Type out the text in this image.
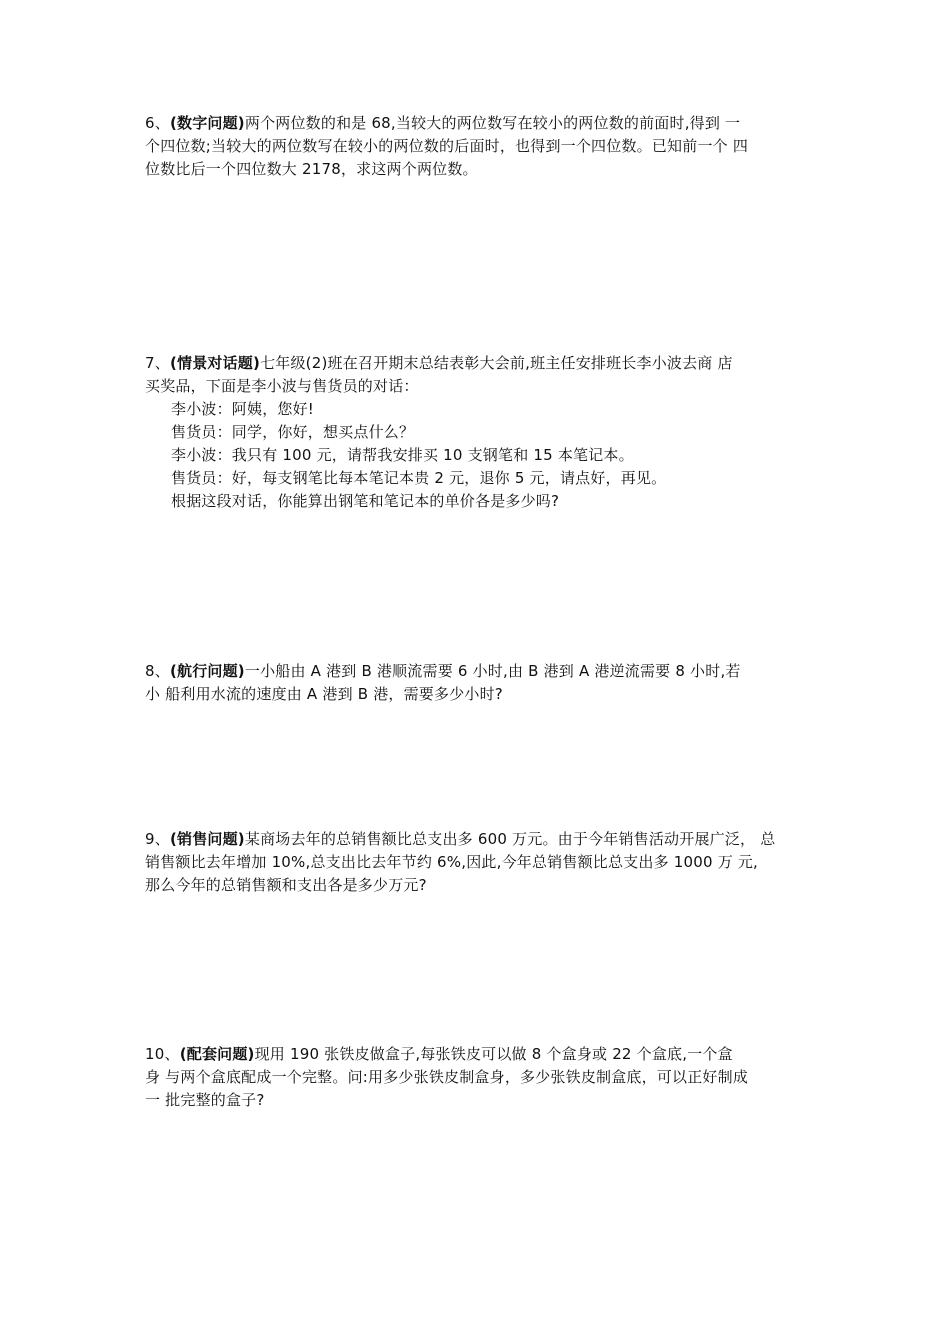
6、(数字问题)两个两位数的和是 68,当较大的两位数写在较小的两位数的前面时,得到 一

个四位数;当较大的两位数写在较小的两位数的后面时，也得到一个四位数。已知前一个 四

位数比后一个四位数大 2178，求这两个两位数。

7、(情景对话题)七年级(2)班在召开期末总结表彰大会前,班主任安排班长李小波去商 店

买奖品，下面是李小波与售货员的对话：

李小波：阿姨，您好!

售货员：同学，你好，想买点什么？

李小波：我只有 100 元，请帮我安排买 10 支钢笔和 15 本笔记本。

售货员：好，每支钢笔比每本笔记本贵 2 元，退你 5 元，请点好，再见。

根据这段对话，你能算出钢笔和笔记本的单价各是多少吗?

8、(航行问题)一小船由 A 港到 B 港顺流需要 6 小时,由 B 港到 A 港逆流需要 8 小时,若

小 船利用水流的速度由 A 港到 B 港，需要多少小时?

9、(销售问题)某商场去年的总销售额比总支出多 600 万元。由于今年销售活动开展广泛， 总

销售额比去年增加 10%,总支出比去年节约 6%,因此,今年总销售额比总支出多 1000 万 元,

那么今年的总销售额和支出各是多少万元?

10、(配套问题)现用 190 张铁皮做盒子,每张铁皮可以做 8 个盒身或 22 个盒底,一个盒

身 与两个盒底配成一个完整。问:用多少张铁皮制盒身，多少张铁皮制盒底，可以正好制成

一 批完整的盒子?
